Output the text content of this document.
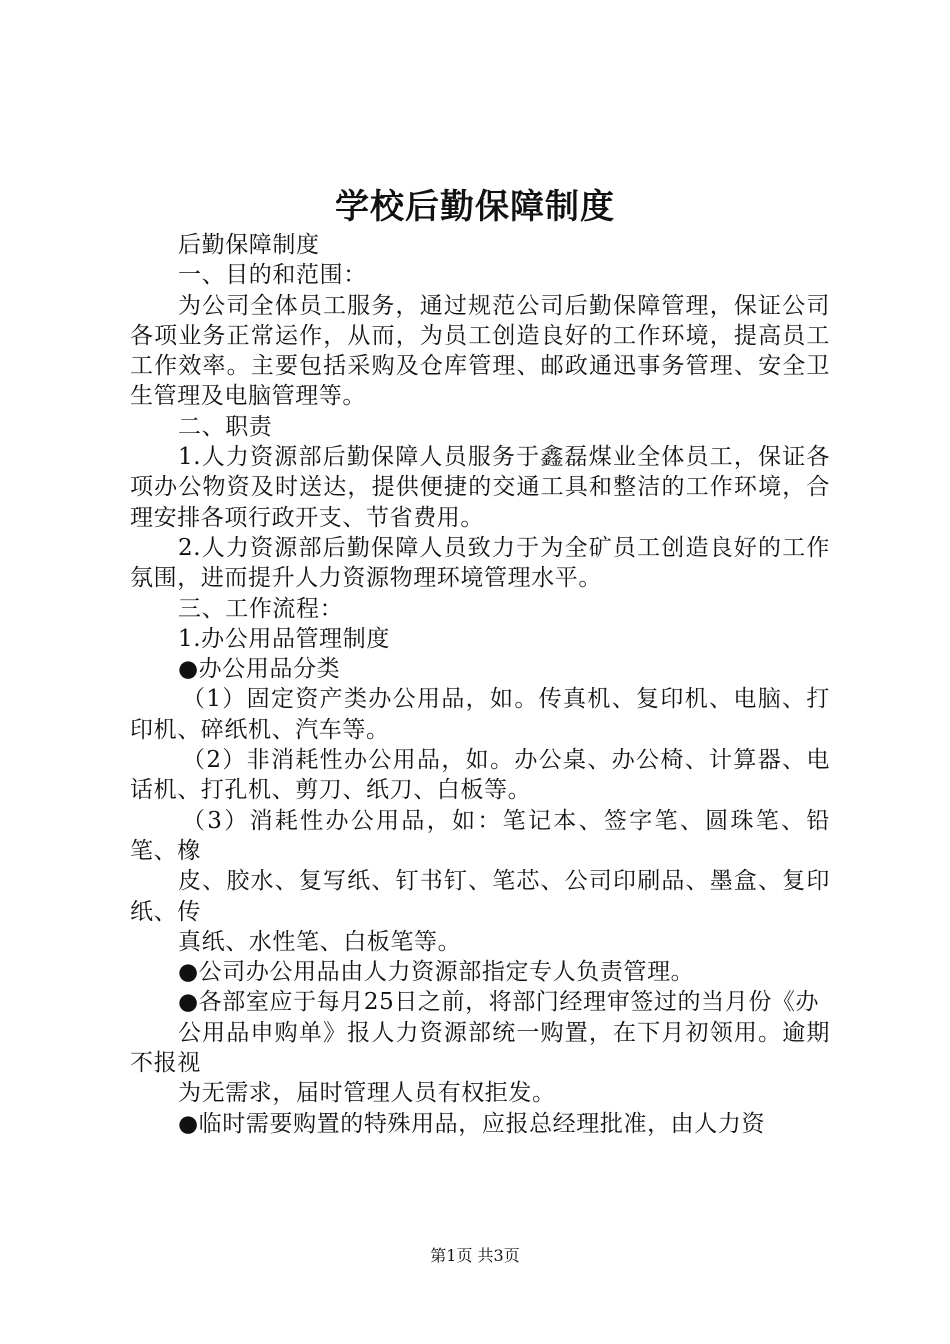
学校后勤保障制度

后勤保障制度

一、目的和范围：

为公司全体员工服务，通过规范公司后勤保障管理，保证公司各项业务正常运作，从而，为员工创造良好的工作环境，提高员工工作效率。主要包括采购及仓库管理、邮政通迅事务管理、安全卫生管理及电脑管理等。

二、职责

1.人力资源部后勤保障人员服务于鑫磊煤业全体员工，保证各项办公物资及时送达，提供便捷的交通工具和整洁的工作环境，合理安排各项行政开支、节省费用。

2.人力资源部后勤保障人员致力于为全矿员工创造良好的工作氛围，进而提升人力资源物理环境管理水平。

三、工作流程：

1.办公用品管理制度

●办公用品分类

（1）固定资产类办公用品，如。传真机、复印机、电脑、打印机、碎纸机、汽车等。

（2）非消耗性办公用品，如。办公桌、办公椅、计算器、电话机、打孔机、剪刀、纸刀、白板等。

（3）消耗性办公用品，如：笔记本、签字笔、圆珠笔、铅笔、橡

皮、胶水、复写纸、钉书钉、笔芯、公司印刷品、墨盒、复印纸、传

真纸、水性笔、白板笔等。

●公司办公用品由人力资源部指定专人负责管理。

●各部室应于每月25日之前，将部门经理审签过的当月份《办

公用品申购单》报人力资源部统一购置，在下月初领用。逾期不报视

为无需求，届时管理人员有权拒发。

●临时需要购置的特殊用品，应报总经理批准，由人力资

第1页 共3页
